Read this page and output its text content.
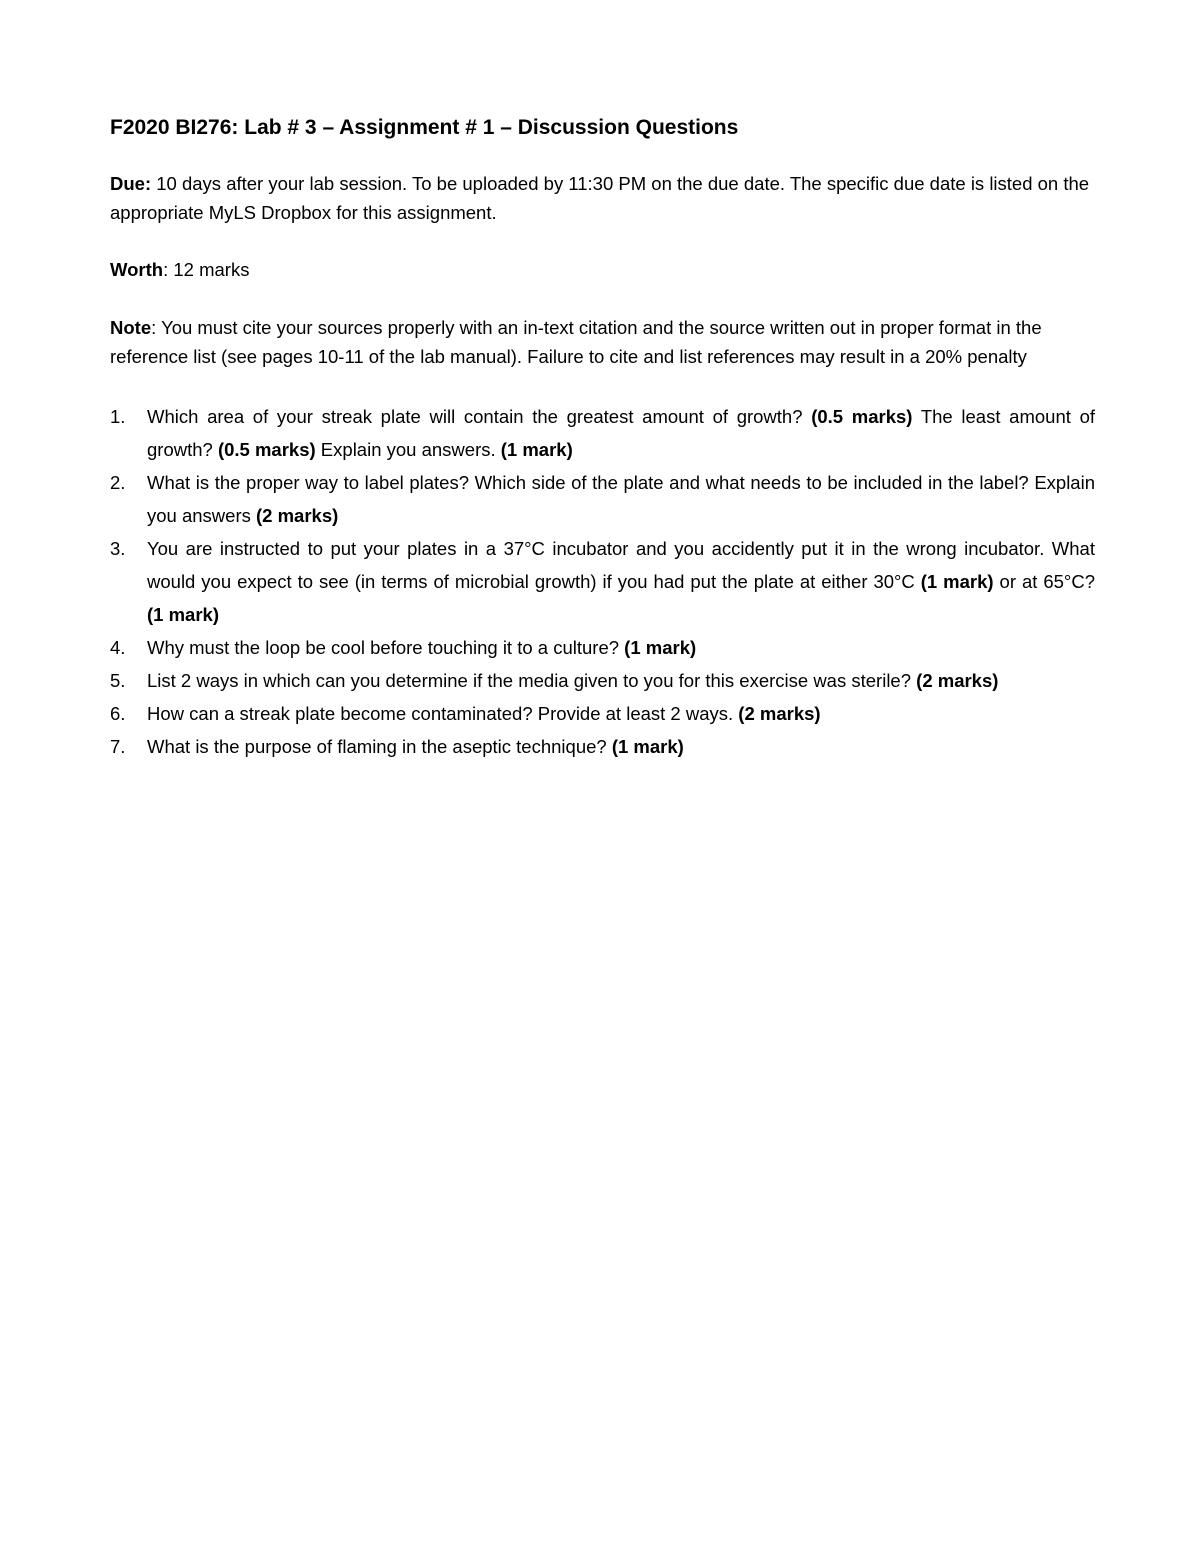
F2020 BI276: Lab # 3 – Assignment # 1 – Discussion Questions

Due: 10 days after your lab session. To be uploaded by 11:30 PM on the due date. The specific due date is listed on the appropriate MyLS Dropbox for this assignment.

Worth: 12 marks

Note: You must cite your sources properly with an in-text citation and the source written out in proper format in the reference list (see pages 10-11 of the lab manual). Failure to cite and list references may result in a 20% penalty

1. Which area of your streak plate will contain the greatest amount of growth? (0.5 marks) The least amount of growth? (0.5 marks) Explain you answers. (1 mark)
2. What is the proper way to label plates? Which side of the plate and what needs to be included in the label? Explain you answers (2 marks)
3. You are instructed to put your plates in a 37°C incubator and you accidently put it in the wrong incubator. What would you expect to see (in terms of microbial growth) if you had put the plate at either 30°C (1 mark) or at 65°C? (1 mark)
4. Why must the loop be cool before touching it to a culture? (1 mark)
5. List 2 ways in which can you determine if the media given to you for this exercise was sterile? (2 marks)
6. How can a streak plate become contaminated? Provide at least 2 ways. (2 marks)
7. What is the purpose of flaming in the aseptic technique? (1 mark)
